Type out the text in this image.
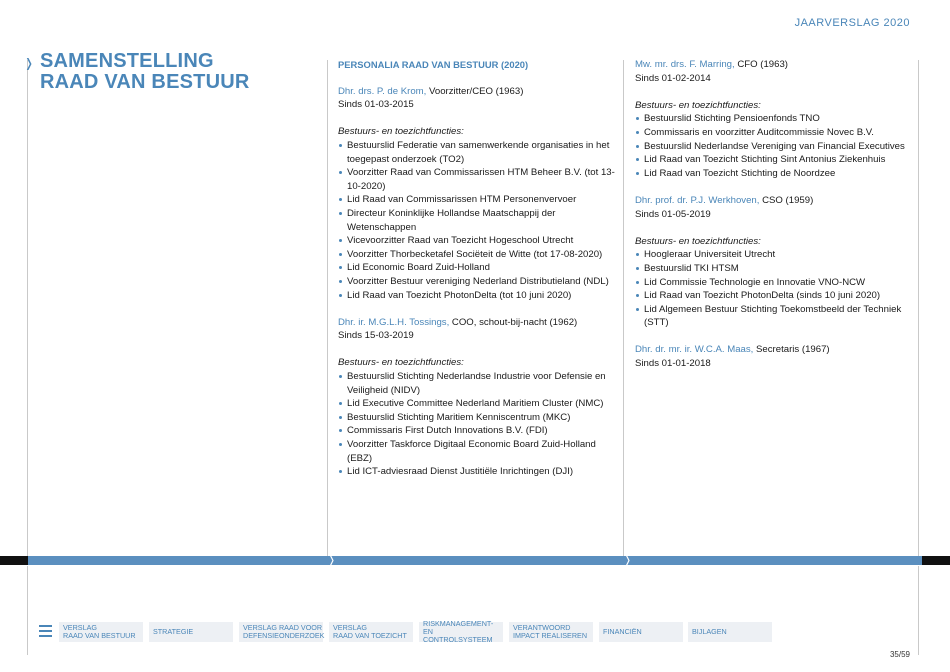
JAARVERSLAG 2020
❭ SAMENSTELLING
RAAD VAN BESTUUR
PERSONALIA RAAD VAN BESTUUR (2020)
Dhr. drs. P. de Krom, Voorzitter/CEO (1963)
Sinds 01-03-2015
Bestuurs- en toezichtfuncties:
Bestuurslid Federatie van samenwerkende organisaties in het toegepast onderzoek (TO2)
Voorzitter Raad van Commissarissen HTM Beheer B.V. (tot 13-10-2020)
Lid Raad van Commissarissen HTM Personenvervoer
Directeur Koninklijke Hollandse Maatschappij der Wetenschappen
Vicevoorzitter Raad van Toezicht Hogeschool Utrecht
Voorzitter Thorbecketafel Sociëteit de Witte (tot 17-08-2020)
Lid Economic Board Zuid-Holland
Voorzitter Bestuur vereniging Nederland Distributieland (NDL)
Lid Raad van Toezicht PhotonDelta (tot 10 juni 2020)
Dhr. ir. M.G.L.H. Tossings, COO, schout-bij-nacht (1962)
Sinds 15-03-2019
Bestuurs- en toezichtfuncties:
Bestuurslid Stichting Nederlandse Industrie voor Defensie en Veiligheid (NIDV)
Lid Executive Committee Nederland Maritiem Cluster (NMC)
Bestuurslid Stichting Maritiem Kenniscentrum (MKC)
Commissaris First Dutch Innovations B.V. (FDI)
Voorzitter Taskforce Digitaal Economic Board Zuid-Holland (EBZ)
Lid ICT-adviesraad Dienst Justitiële Inrichtingen (DJI)
Mw. mr. drs. F. Marring, CFO (1963)
Sinds 01-02-2014
Bestuurs- en toezichtfuncties:
Bestuurslid Stichting Pensioenfonds TNO
Commissaris en voorzitter Auditcommissie Novec B.V.
Bestuurslid Nederlandse Vereniging van Financial Executives
Lid Raad van Toezicht Stichting Sint Antonius Ziekenhuis
Lid Raad van Toezicht Stichting de Noordzee
Dhr. prof. dr. P.J. Werkhoven, CSO (1959)
Sinds 01-05-2019
Bestuurs- en toezichtfuncties:
Hoogleraar Universiteit Utrecht
Bestuurslid TKI HTSM
Lid Commissie Technologie en Innovatie VNO-NCW
Lid Raad van Toezicht PhotonDelta (sinds 10 juni 2020)
Lid Algemeen Bestuur Stichting Toekomstbeeld der Techniek (STT)
Dhr. dr. mr. ir. W.C.A. Maas, Secretaris (1967)
Sinds 01-01-2018
❭	❭
VERSLAG
RAAD VAN BESTUUR	STRATEGIE	VERSLAG RAAD VOOR
DEFENSIEONDERZOEK
VERSLAG
RAAD VAN TOEZICHT
RISKMANAGEMENT-
EN CONTROLSYSTEEM
VERANTWOORD
IMPACT REALISEREN	FINANCIËN	BIJLAGEN
35/59
